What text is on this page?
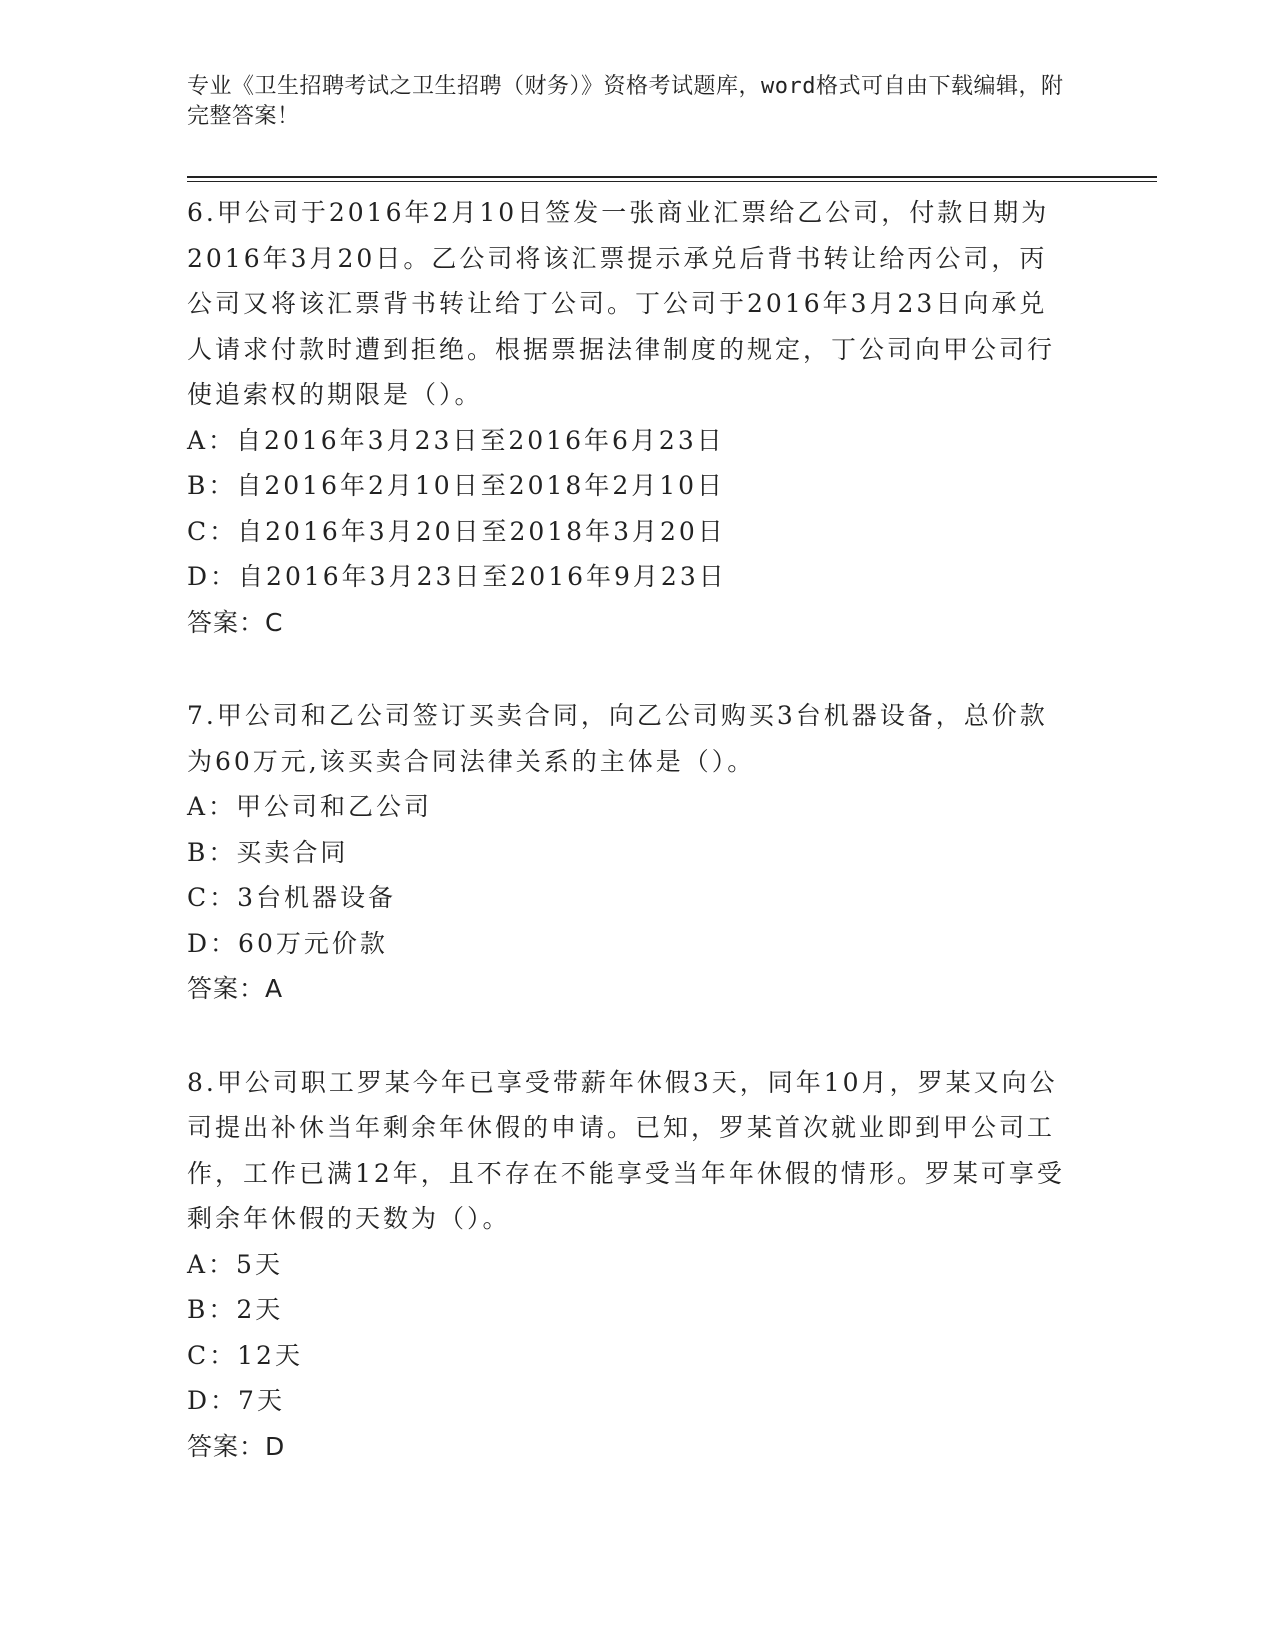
专业《卫生招聘考试之卫生招聘（财务）》资格考试题库，word格式可自由下载编辑，附完整答案！

6.甲公司于2016年2月10日签发一张商业汇票给乙公司，付款日期为2016年3月20日。乙公司将该汇票提示承兑后背书转让给丙公司，丙公司又将该汇票背书转让给丁公司。丁公司于2016年3月23日向承兑人请求付款时遭到拒绝。根据票据法律制度的规定，丁公司向甲公司行使追索权的期限是（）。

A：自2016年3月23日至2016年6月23日

B：自2016年2月10日至2018年2月10日

C：自2016年3月20日至2018年3月20日

D：自2016年3月23日至2016年9月23日

答案：C

7.甲公司和乙公司签订买卖合同，向乙公司购买3台机器设备，总价款为60万元,该买卖合同法律关系的主体是（）。

A：甲公司和乙公司

B：买卖合同

C：3台机器设备

D：60万元价款

答案：A

8.甲公司职工罗某今年已享受带薪年休假3天，同年10月，罗某又向公司提出补休当年剩余年休假的申请。已知，罗某首次就业即到甲公司工作，工作已满12年，且不存在不能享受当年年休假的情形。罗某可享受剩余年休假的天数为（）。

A：5天

B：2天

C：12天

D：7天

答案：D
